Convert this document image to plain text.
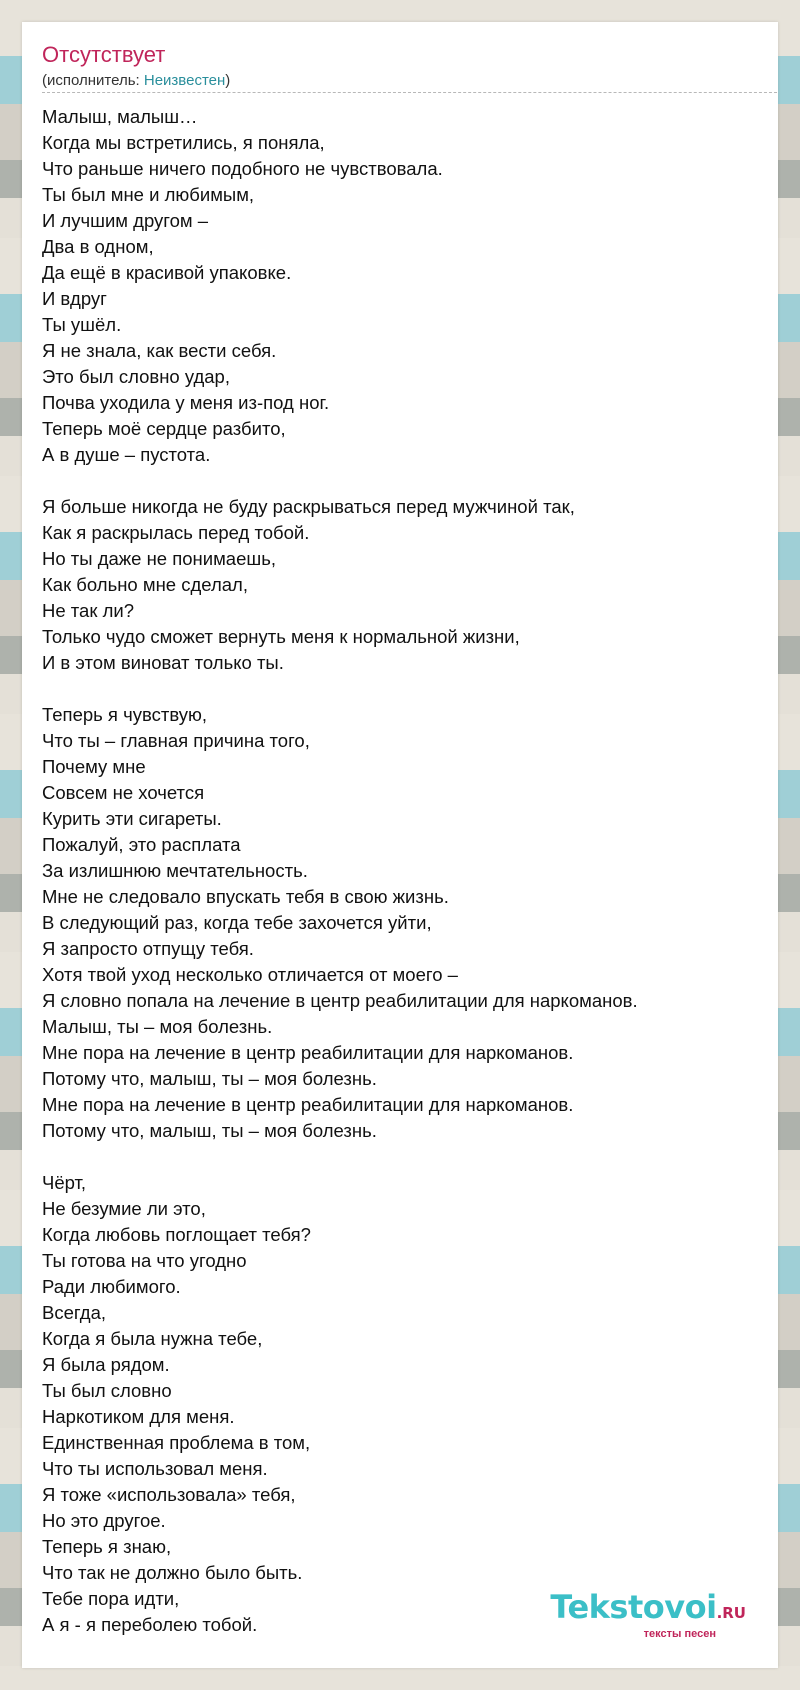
Отсутствует
(исполнитель: Неизвестен)
Малыш, малыш…
Когда мы встретились, я поняла,
Что раньше ничего подобного не чувствовала.
Ты был мне и любимым,
И лучшим другом –
Два в одном,
Да ещё в красивой упаковке.
И вдруг
Ты ушёл.
Я не знала, как вести себя.
Это был словно удар,
Почва уходила у меня из-под ног.
Теперь моё сердце разбито,
А в душе – пустота.
Я больше никогда не буду раскрываться перед мужчиной так,
Как я раскрылась перед тобой.
Но ты даже не понимаешь,
Как больно мне сделал,
Не так ли?
Только чудо сможет вернуть меня к нормальной жизни,
И в этом виноват только ты.
Теперь я чувствую,
Что ты – главная причина того,
Почему мне
Совсем не хочется
Курить эти сигареты.
Пожалуй, это расплата
За излишнюю мечтательность.
Мне не следовало впускать тебя в свою жизнь.
В следующий раз, когда тебе захочется уйти,
Я запросто отпущу тебя.
Хотя твой уход несколько отличается от моего –
Я словно попала на лечение в центр реабилитации для наркоманов.
Малыш, ты – моя болезнь.
Мне пора на лечение в центр реабилитации для наркоманов.
Потому что, малыш, ты – моя болезнь.
Мне пора на лечение в центр реабилитации для наркоманов.
Потому что, малыш, ты – моя болезнь.
Чёрт,
Не безумие ли это,
Когда любовь поглощает тебя?
Ты готова на что угодно
Ради любимого.
Всегда,
Когда я была нужна тебе,
Я была рядом.
Ты был словно
Наркотиком для меня.
Единственная проблема в том,
Что ты использовал меня.
Я тоже «использовала» тебя,
Но это другое.
Теперь я знаю,
Что так не должно было быть.
Тебе пора идти,
А я - я переболею тобой.	Tekstovoi.RU
тексты песен
